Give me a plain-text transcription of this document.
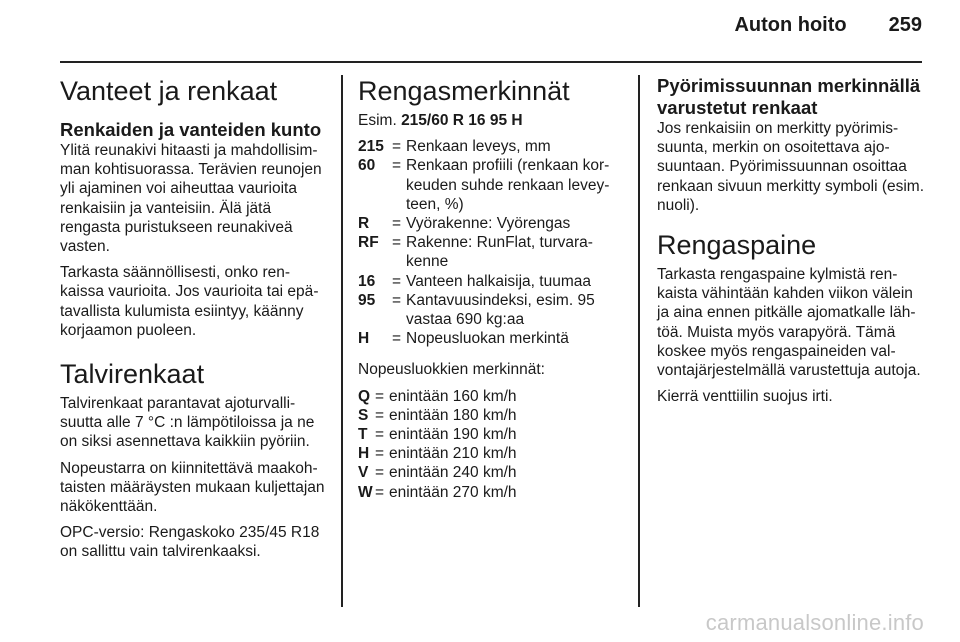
Auton hoito 259
Vanteet ja renkaat
Renkaiden ja vanteiden kunto

Ylitä reunakivi hitaasti ja mahdollisimman kohtisuorassa. Terävien reunojen yli ajaminen voi aiheuttaa vaurioita renkaisiin ja vanteisiin. Älä jätä rengasta puristukseen reunakiveä vasten.

Tarkasta säännöllisesti, onko renkaissa vaurioita. Jos vaurioita tai epätavallista kulumista esiintyy, käänny korjaamon puoleen.

Talvirenkaat

Talvirenkaat parantavat ajoturvallisuutta alle 7 °C :n lämpötiloissa ja ne on siksi asennettava kaikkiin pyöriin.

Nopeustarra on kiinnitettävä maakohtaisten määräysten mukaan kuljettajan näkökenttään.

OPC-versio: Rengaskoko 235/45 R18 on sallittu vain talvirenkaaksi.

Rengasmerkinnät

Esim. 215/60 R 16 95 H

215 = Renkaan leveys, mm
60	= Renkaan profiili (renkaan korkeuden suhde renkaan leveyteen, %)
R	= Vyörakenne: Vyörengas
RF = Rakenne: RunFlat, turvarakenne
16	= Vanteen halkaisija, tuumaa
95	= Kantavuusindeksi, esim. 95 vastaa 690 kg:aa
H	= Nopeusluokan merkintä

Nopeusluokkien merkinnät:

Q = enintään 160 km/h
S = enintään 180 km/h
T = enintään 190 km/h
H = enintään 210 km/h
V = enintään 240 km/h
W = enintään 270 km/h
Pyörimissuunnan merkinnällä varustetut renkaat

Jos renkaisiin on merkitty pyörimissuunta, merkin on osoitettava ajosuuntaan. Pyörimissuunnan osoittaa renkaan sivuun merkitty symboli (esim. nuoli).

Rengaspaine

Tarkasta rengaspaine kylmistä renkaista vähintään kahden viikon välein ja aina ennen pitkälle ajomatkalle lähtöä. Muista myös varapyörä. Tämä koskee myös rengaspaineiden valvontajärjestelmällä varustettuja autoja.

Kierrä venttiilin suojus irti.

carmanualsonline.info
